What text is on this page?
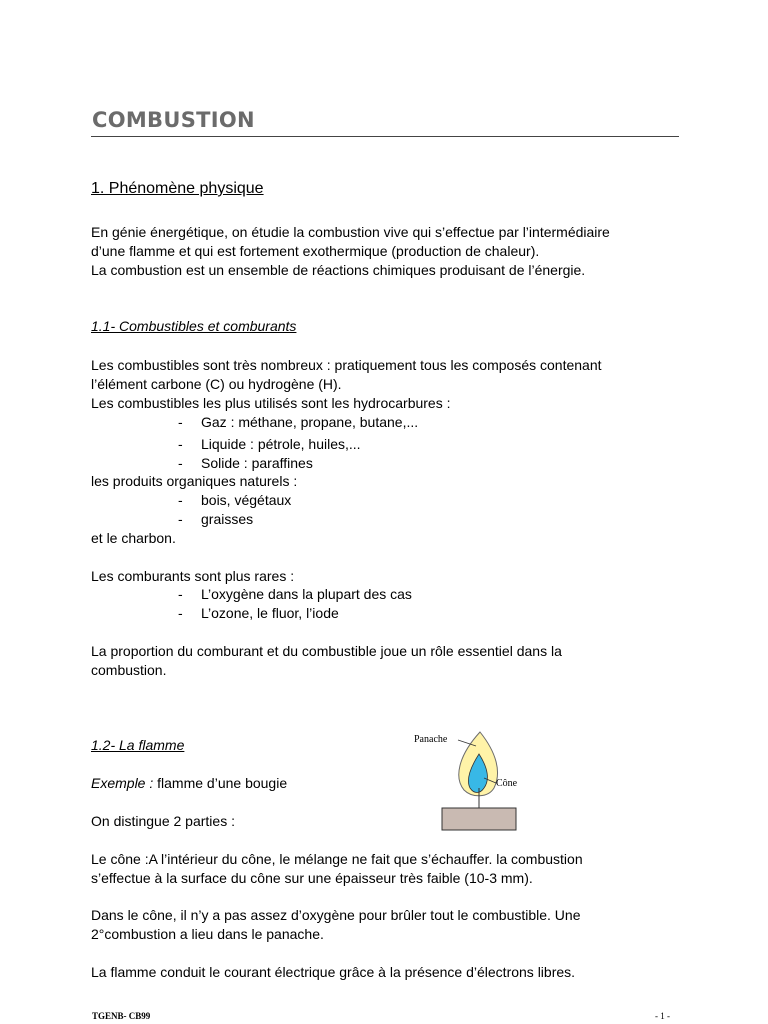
COMBUSTION
1. Phénomène physique
En génie énergétique, on étudie la combustion vive qui s’effectue par l’intermédiaire
d’une flamme et qui est fortement exothermique (production de chaleur).
La combustion est un ensemble de réactions chimiques produisant de l’énergie.
1.1- Combustibles et comburants
Les combustibles sont très nombreux : pratiquement tous les composés contenant
l’élément carbone (C) ou hydrogène (H).
Les combustibles les plus utilisés sont les hydrocarbures :
- Gaz : méthane, propane, butane,...
- Liquide : pétrole, huiles,...
- Solide : paraffines
les produits organiques naturels :
- bois, végétaux
- graisses
et le charbon.
Les comburants sont plus rares :
- L’oxygène dans la plupart des cas
- L’ozone, le fluor, l’iode
La proportion du comburant et du combustible joue un rôle essentiel dans la
combustion.
1.2- La flamme
Exemple : flamme d’une bougie
On distingue 2 parties :
Le cône :A l’intérieur du cône, le mélange ne fait que s’échauffer. la combustion
s’effectue à la surface du cône sur une épaisseur très faible (10-3 mm).
Dans le cône, il n’y a pas assez d’oxygène pour brûler tout le combustible. Une
2°combustion a lieu dans le panache.
La flamme conduit le courant électrique grâce à la présence d’électrons libres.
Panache
Cône
TGENB- CB99	- 1 -
